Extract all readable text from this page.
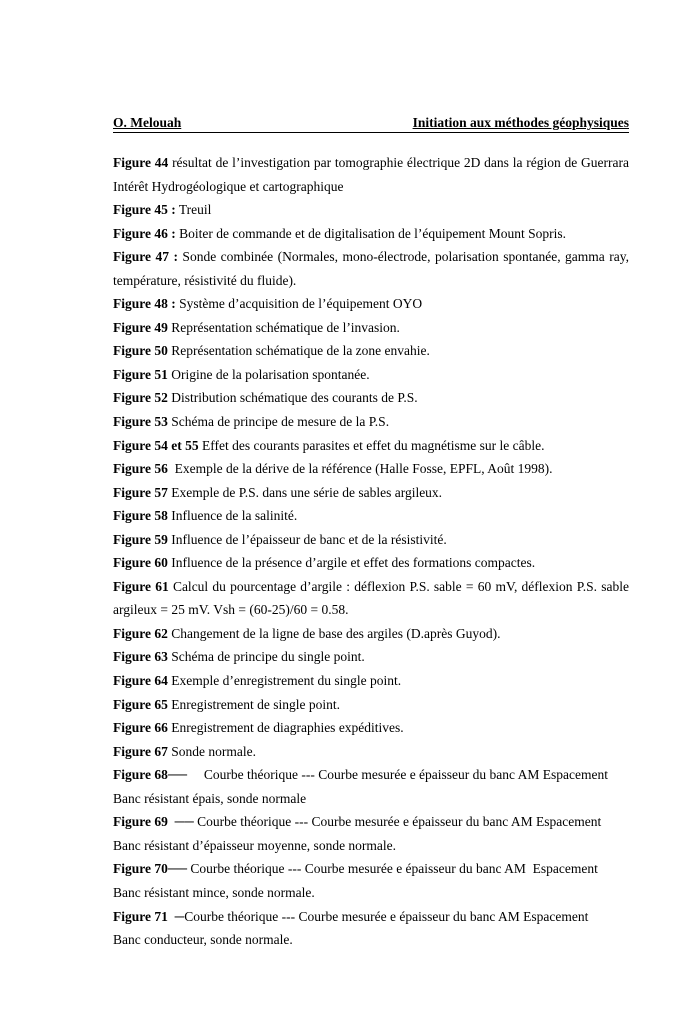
O. Melouah	Initiation aux méthodes géophysiques

Figure 44 résultat de l’investigation par tomographie électrique 2D dans la région de Guerrara Intérêt Hydrogéologique et cartographique

Figure 45 : Treuil

Figure 46 : Boiter de commande et de digitalisation de l’équipement Mount Sopris.

Figure 47 : Sonde combinée (Normales, mono-électrode, polarisation spontanée, gamma ray, température, résistivité du fluide).

Figure 48 : Système d’acquisition de l’équipement OYO

Figure 49 Représentation schématique de l’invasion.

Figure 50 Représentation schématique de la zone envahie.

Figure 51 Origine de la polarisation spontanée.

Figure 52 Distribution schématique des courants de P.S.

Figure 53 Schéma de principe de mesure de la P.S.

Figure 54 et 55 Effet des courants parasites et effet du magnétisme sur le câble.

Figure 56  Exemple de la dérive de la référence (Halle Fosse, EPFL, Août 1998).

Figure 57 Exemple de P.S. dans une série de sables argileux.

Figure 58 Influence de la salinité.

Figure 59 Influence de l’épaisseur de banc et de la résistivité.

Figure 60 Influence de la présence d’argile et effet des formations compactes.

Figure 61 Calcul du pourcentage d’argile : déflexion P.S. sable = 60 mV, déflexion P.S. sable argileux = 25 mV. Vsh = (60-25)/60 = 0.58.

Figure 62 Changement de la ligne de base des argiles (D.après Guyod).

Figure 63 Schéma de principe du single point.

Figure 64 Exemple d’enregistrement du single point.

Figure 65 Enregistrement de single point.

Figure 66 Enregistrement de diagraphies expéditives.

Figure 67 Sonde normale.

Figure 68──     Courbe théorique --- Courbe mesurée e épaisseur du banc AM Espacement

Banc résistant épais, sonde normale

Figure 69  ── Courbe théorique --- Courbe mesurée e épaisseur du banc AM Espacement

Banc résistant d’épaisseur moyenne, sonde normale.

Figure 70── Courbe théorique --- Courbe mesurée e épaisseur du banc AM  Espacement

Banc résistant mince, sonde normale.

Figure 71  ─Courbe théorique --- Courbe mesurée e épaisseur du banc AM Espacement

Banc conducteur, sonde normale.
